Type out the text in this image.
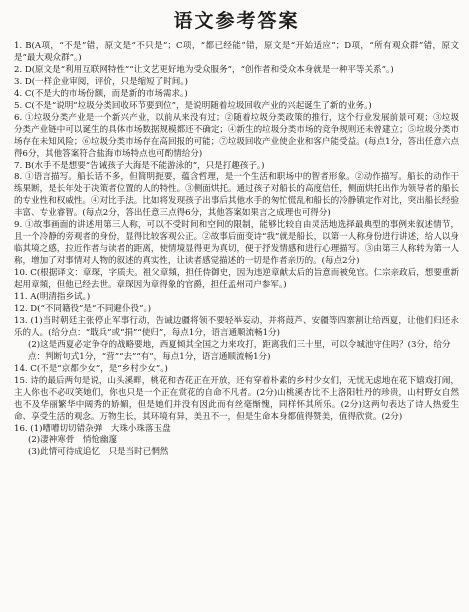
语文参考答案

1. B(A项，“不是”错，原文是“不只是”；C项，“都已经能”错，原文是“开始适应”；D项，“所有观众群”错，原文是“最大观众群”。)

2. D(原文是“利用互联网特性”“让文艺更好地为受众服务”，“创作者和受众本身就是一种平等关系”。)

3. D(一样企业审阅，评价，只是缩短了时间。)

4. C(不是大的市场份额，而是新的市场需求。)

5. C(不是“说明”垃圾分类回收环节要到位”，是说明随着垃圾回收产业的兴起诞生了新的业务。)

6. ①垃圾分类产业是一个新兴产业，以前从来没有过；②随着垃圾分类政策的推行，这个行业发展前景可观；③垃圾分类产业链中可以诞生的具体市场数据规模都还不确定；④新生的垃圾分类市场的竞争规则还未曾建立；⑤垃圾分类市场存在未知风险；⑥垃圾分类市场存在高回报的可能；⑦垃圾回收产业使企业和客户能受益。(每点1分，答出任意六点得6分，其他答案符合盐海市场特点也可酌情给分)

7. B(水手不是想要“告诫孩子大海是不能游泳的”，只是打趣孩子。)

8. ①语言描写。船长话不多，但简明扼要，蕴含哲理，是一个生活和职场中的智者形象。②动作描写。船长的动作干练果断，是长年处于决策者位置的人的特性。③侧面烘托。通过孩子对船长的高度信任，侧面烘托出作为领导者的船长的专业性和权威性。④对比手法。比如将发现孩子出事后其他水手的匆忙慌乱和船长的冷静镇定作对比，突出船长经验丰富、专业睿智。(每点2分，答出任意三点得6分，其他答案如果言之成理也可得分)

9. ①故事画面的讲述用第三人称，可以不受时间和空间的限制，能够比较自由灵活地选择最典型的事例来叙述情节，且一个冷静的旁观者的身份，显得比较客观公正。②故事后面变诗“我”就是船长，以第一人称身份进行讲述，给人以身临其境之感，拉近作者与读者的距离，使情境显得更为真切，便于抒发情感和进行心理描写。③由第三人称转为第一人称，增加了对事情对人物的叙述的真实性，让读者感觉描述的一切是作者亲历的。(每点2分)

10. C(根据译文：章琛，字质夫。祖父章頻，担任侍御史，因为违逆章献太后的旨意而被免官。仁宗亲政后，想要重新起用章頻，但他已经去世。章琛因为章得象的官爵，担任孟州司户参军。)

11. A(明清指乡试。)

12. D(“不同籍役”是“不同避仆役”。)

13. (1)当时朝廷主张停止军事行动，告诫边疆将领不要轻举妄动，并将葭芦、安疆等四寨割让给西夏，让他们归还永乐的人。(给分点：“戢兵”或“捐”“使归”，每点1分，语言通顺流畅1分)

(2)这是西夏必定争夺的战略要地，西夏倾其全国之力来攻打，距离我们三十里，可以令城池守住吗？(3分，给分点：判断句式1分，“营”“去”“有”，每点1分，语言通顺流畅1分)

14. C(不是“京都少女”，是“乡村少女”。)

15. 诗的最后两句是说，山头溪畔，桃花和杏花正在开放，还有穿着朴素的乡村少女们，无忧无虑地在花下嬉戏打闹，主人你也不必叹笑她们，你也只是一个正在赏花的自命不凡者。(2分)山桃溪杏比不上洛阳牡丹的珍贵，山村野女自然也不及华丽繁华中阔秀的娇媚，但是她们并没有因此而有丝毫惭愧，同样怀其所乐。(2分)这两句表达了诗人热爱生命、享受生活的观念。万物生长，其环境有异，美丑不一，但是生命本身都值得赞美，值得欣赏。(2分)

16. (1)嘈嘈切切错杂弹　大珠小珠落玉盘

(2)凄神寒骨　悄怆幽邃

(3)此情可待成追忆　只是当时已惘然
